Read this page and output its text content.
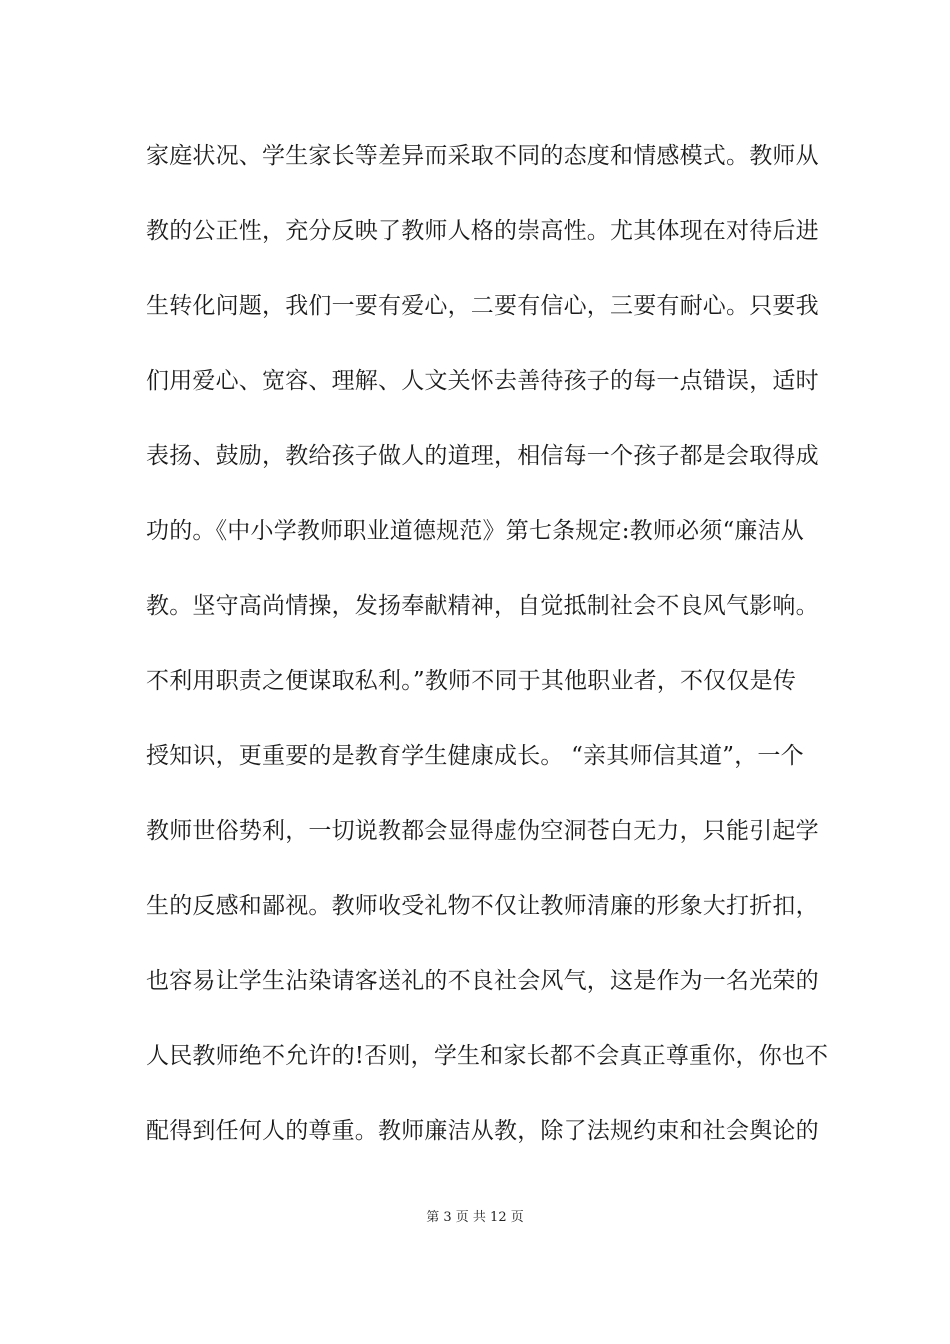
家庭状况、学生家长等差异而采取不同的态度和情感模式。教师从
教的公正性，充分反映了教师人格的崇高性。尤其体现在对待后进
生转化问题，我们一要有爱心，二要有信心，三要有耐心。只要我
们用爱心、宽容、理解、人文关怀去善待孩子的每一点错误，适时
表扬、鼓励，教给孩子做人的道理，相信每一个孩子都是会取得成
功的。《中小学教师职业道德规范》第七条规定:教师必须“廉洁从
教。坚守高尚情操，发扬奉献精神，自觉抵制社会不良风气影响。
不利用职责之便谋取私利。”教师不同于其他职业者，不仅仅是传
授知识，更重要的是教育学生健康成长。 “亲其师信其道”，一个
教师世俗势利，一切说教都会显得虚伪空洞苍白无力，只能引起学
生的反感和鄙视。教师收受礼物不仅让教师清廉的形象大打折扣，
也容易让学生沾染请客送礼的不良社会风气，这是作为一名光荣的
人民教师绝不允许的!否则，学生和家长都不会真正尊重你，你也不
配得到任何人的尊重。教师廉洁从教，除了法规约束和社会舆论的
第 3 页 共 12 页
